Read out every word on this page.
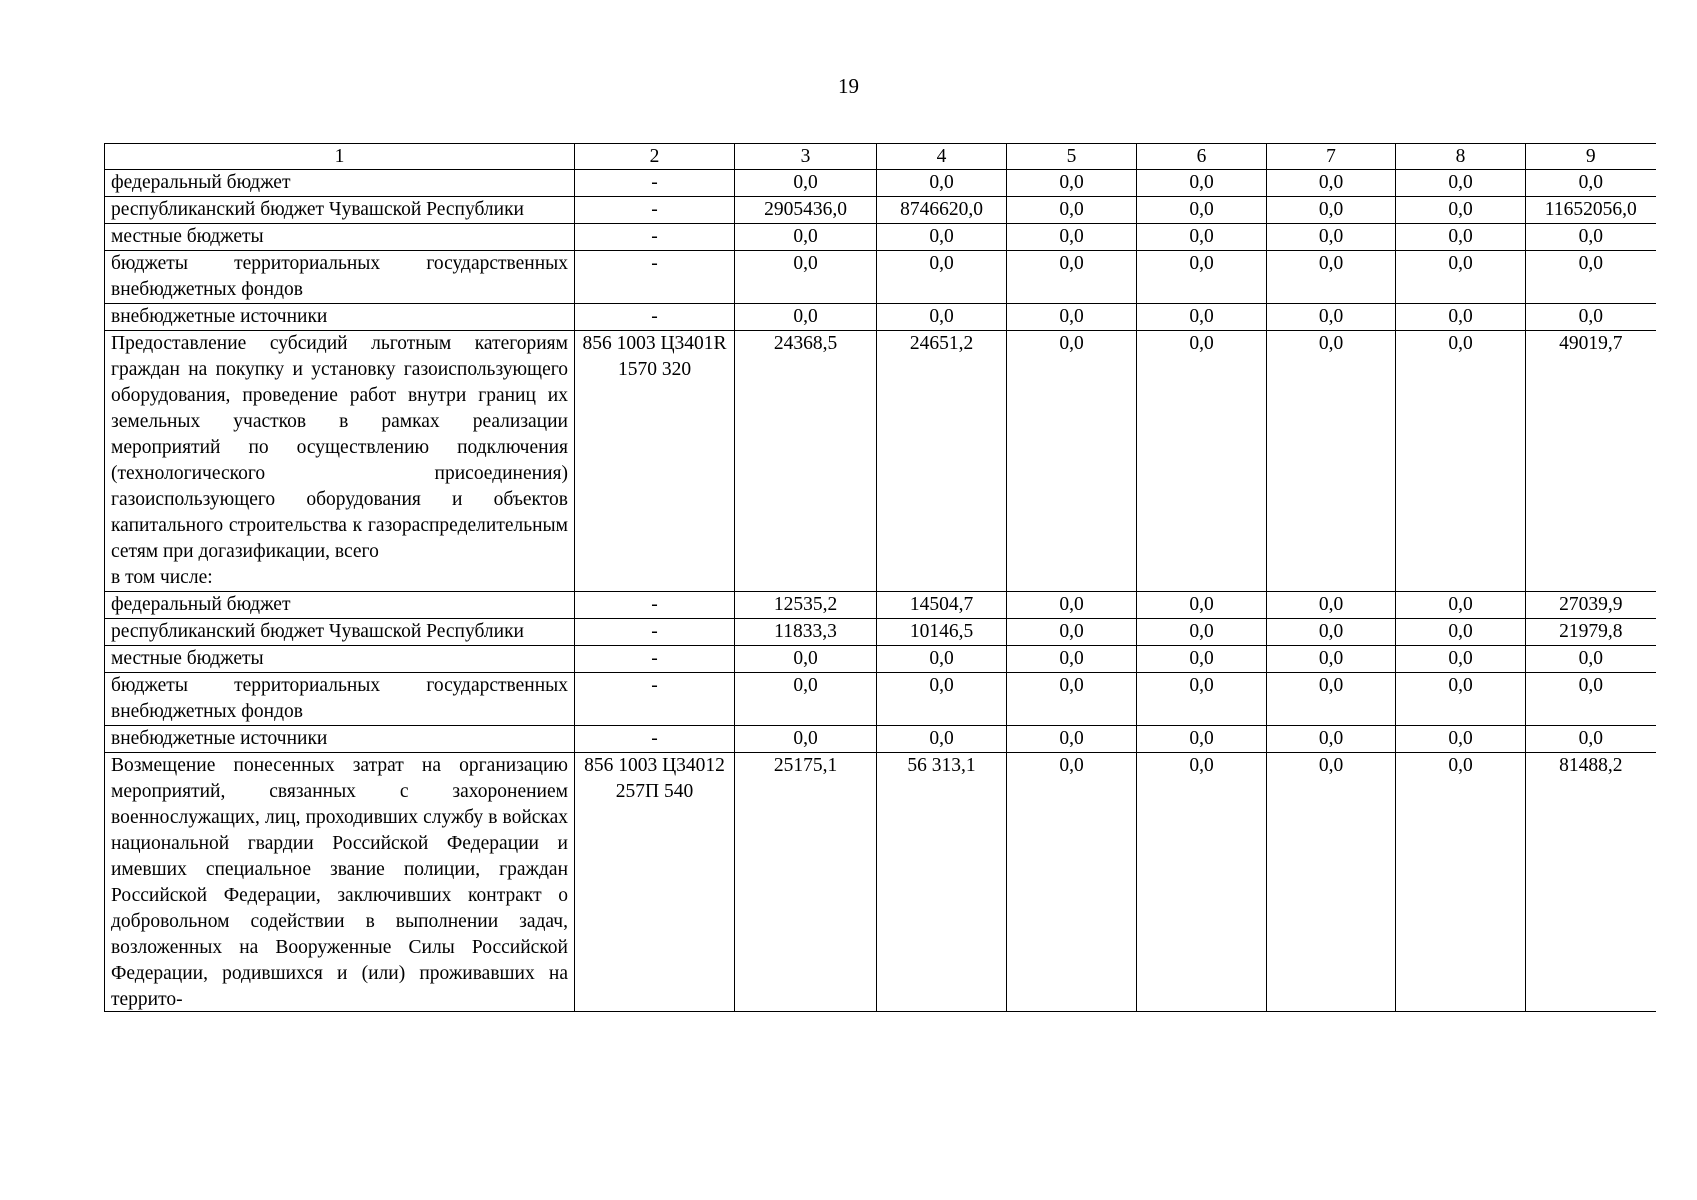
19
1	2	3	4	5	6	7	8	9

федеральный бюджет	-	0,0	0,0	0,0	0,0	0,0	0,0	0,0

республиканский бюджет Чувашской Республики	-	2905436,0	8746620,0	0,0	0,0	0,0	0,0	11652056,0

местные бюджеты	-	0,0	0,0	0,0	0,0	0,0	0,0	0,0

бюджеты территориальных государственных внебюджетных фондов	-	0,0	0,0	0,0	0,0	0,0	0,0	0,0

внебюджетные источники	-	0,0	0,0	0,0	0,0	0,0	0,0	0,0

Предоставление субсидий льготным категориям граждан на покупку и установку газоиспользующего оборудования, проведение работ внутри границ их земельных участков в рамках реализации мероприятий по осуществлению подключения (технологического присоединения) газоиспользующего оборудования и объектов капитального строительства к газораспределительным сетям при догазификации, всего
в том числе:	856 1003 Ц3401R1570 320	24368,5	24651,2	0,0	0,0	0,0	0,0	49019,7

федеральный бюджет	-	12535,2	14504,7	0,0	0,0	0,0	0,0	27039,9

республиканский бюджет Чувашской Республики	-	11833,3	10146,5	0,0	0,0	0,0	0,0	21979,8

местные бюджеты	-	0,0	0,0	0,0	0,0	0,0	0,0	0,0

бюджеты территориальных государственных внебюджетных фондов	-	0,0	0,0	0,0	0,0	0,0	0,0	0,0

внебюджетные источники	-	0,0	0,0	0,0	0,0	0,0	0,0	0,0

Возмещение понесенных затрат на организацию мероприятий, связанных с захоронением военнослужащих, лиц, проходивших службу в войсках национальной гвардии Российской Федерации и имевших специальное звание полиции, граждан Российской Федерации, заключивших контракт о добровольном содействии в выполнении задач, возложенных на Вооруженные Силы Российской Федерации, родившихся и (или) проживавших на террито-	856 1003 Ц34012257П 540	25175,1	56 313,1	0,0	0,0	0,0	0,0	81488,2
